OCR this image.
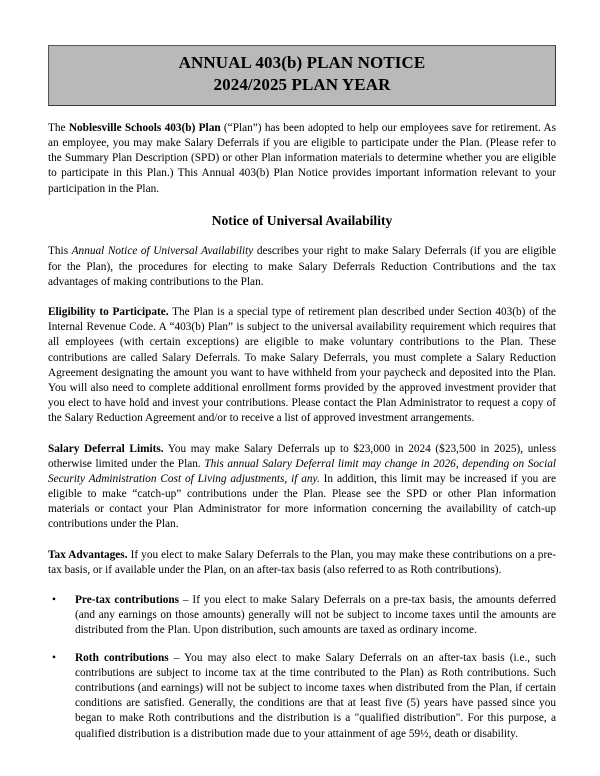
ANNUAL 403(b) PLAN NOTICE
2024/2025 PLAN YEAR

The Noblesville Schools 403(b) Plan (“Plan”) has been adopted to help our employees save for retirement. As an employee, you may make Salary Deferrals if you are eligible to participate under the Plan. (Please refer to the Summary Plan Description (SPD) or other Plan information materials to determine whether you are eligible to participate in this Plan.) This Annual 403(b) Plan Notice provides important information relevant to your participation in the Plan.

Notice of Universal Availability

This Annual Notice of Universal Availability describes your right to make Salary Deferrals (if you are eligible for the Plan), the procedures for electing to make Salary Deferrals Reduction Contributions and the tax advantages of making contributions to the Plan.

Eligibility to Participate. The Plan is a special type of retirement plan described under Section 403(b) of the Internal Revenue Code. A “403(b) Plan” is subject to the universal availability requirement which requires that all employees (with certain exceptions) are eligible to make voluntary contributions to the Plan. These contributions are called Salary Deferrals. To make Salary Deferrals, you must complete a Salary Reduction Agreement designating the amount you want to have withheld from your paycheck and deposited into the Plan. You will also need to complete additional enrollment forms provided by the approved investment provider that you elect to have hold and invest your contributions. Please contact the Plan Administrator to request a copy of the Salary Reduction Agreement and/or to receive a list of approved investment arrangements.

Salary Deferral Limits. You may make Salary Deferrals up to $23,000 in 2024 ($23,500 in 2025), unless otherwise limited under the Plan. This annual Salary Deferral limit may change in 2026, depending on Social Security Administration Cost of Living adjustments, if any. In addition, this limit may be increased if you are eligible to make “catch-up” contributions under the Plan. Please see the SPD or other Plan information materials or contact your Plan Administrator for more information concerning the availability of catch-up contributions under the Plan.

Tax Advantages. If you elect to make Salary Deferrals to the Plan, you may make these contributions on a pre-tax basis, or if available under the Plan, on an after-tax basis (also referred to as Roth contributions).

•	Pre-tax contributions – If you elect to make Salary Deferrals on a pre-tax basis, the amounts deferred (and any earnings on those amounts) generally will not be subject to income taxes until the amounts are distributed from the Plan. Upon distribution, such amounts are taxed as ordinary income.
•	Roth contributions – You may also elect to make Salary Deferrals on an after-tax basis (i.e., such contributions are subject to income tax at the time contributed to the Plan) as Roth contributions. Such contributions (and earnings) will not be subject to income taxes when distributed from the Plan, if certain conditions are satisfied. Generally, the conditions are that at least five (5) years have passed since you began to make Roth contributions and the distribution is a "qualified distribution". For this purpose, a qualified distribution is a distribution made due to your attainment of age 59½, death or disability.
